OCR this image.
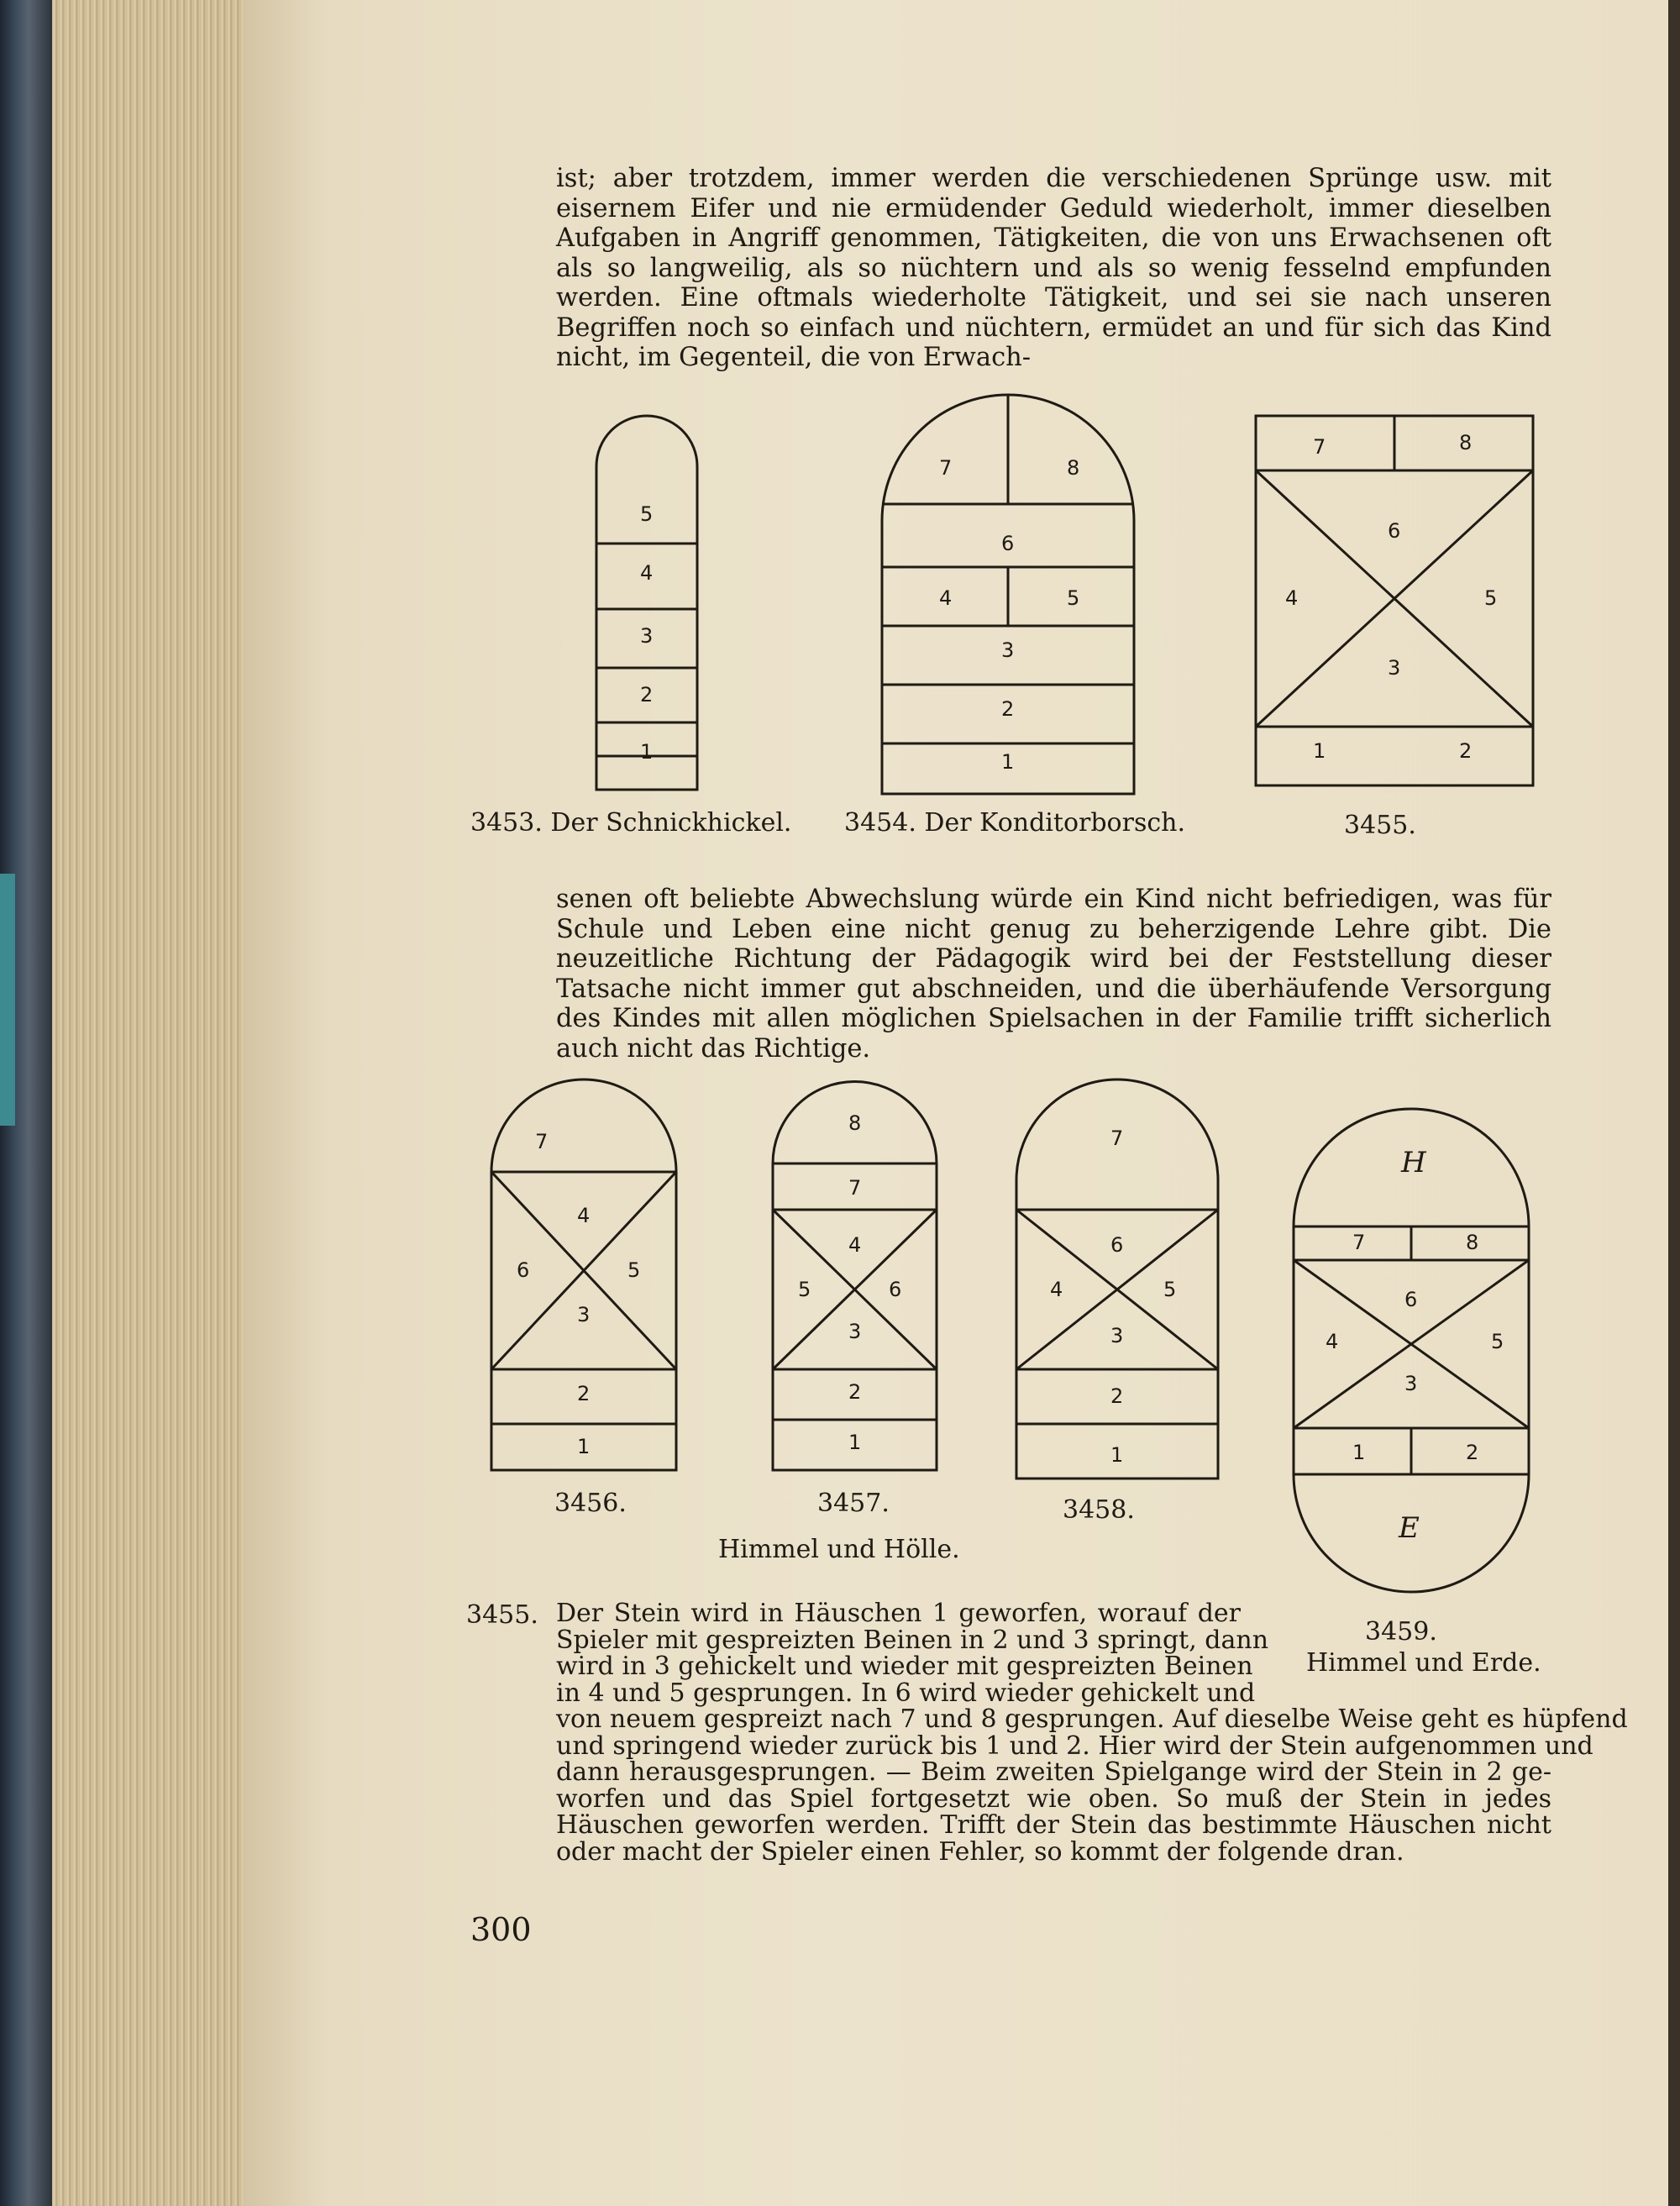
ist; aber trotzdem, immer werden die verschiedenen Sprünge usw. mit eisernem Eifer und nie ermüdender Geduld wiederholt, immer dieselben Aufgaben in Angriff genommen, Tätigkeiten, die von uns Erwachsenen oft als so langweilig, als so nüchtern und als so wenig fesselnd empfunden werden. Eine oftmals wiederholte Tätigkeit, und sei sie nach unseren Begriffen noch so einfach und nüchtern, ermüdet an und für sich das Kind nicht, im Gegenteil, die von Erwach-

5
4
3
2
1
3453. Der Schnickhickel.
7	8
6
4	5
3
2
1
3454. Der Konditorborsch.
7	8
6
4	5
3
1	2
3455.

senen oft beliebte Abwechslung würde ein Kind nicht befriedigen, was für Schule und Leben eine nicht genug zu beherzigende Lehre gibt. Die neuzeitliche Richtung der Pädagogik wird bei der Feststellung dieser Tatsache nicht immer gut abschneiden, und die überhäufende Versorgung des Kindes mit allen möglichen Spielsachen in der Familie trifft sicherlich auch nicht das Richtige.

7
4
6	5
3
2
1
3456.
8
7
4
5	6
3
2
1
3457.
7
6
4	5
3
2
1
3458.
Himmel und Hölle.
H
7	8
6
4	5
3
1	2
E
3459.
Himmel und Erde.
3455. Der Stein wird in Häuschen 1 geworfen, worauf der
Spieler mit gespreizten Beinen in 2 und 3 springt, dann
wird in 3 gehickelt und wieder mit gespreizten Beinen
in 4 und 5 gesprungen. In 6 wird wieder gehickelt und
von neuem gespreizt nach 7 und 8 gesprungen. Auf dieselbe Weise geht es hüpfend
und springend wieder zurück bis 1 und 2. Hier wird der Stein aufgenommen und
dann herausgesprungen. — Beim zweiten Spielgange wird der Stein in 2 ge-
worfen und das Spiel fortgesetzt wie oben. So muß der Stein in jedes
Häuschen geworfen werden. Trifft der Stein das bestimmte Häuschen nicht
oder macht der Spieler einen Fehler, so kommt der folgende dran.
300
